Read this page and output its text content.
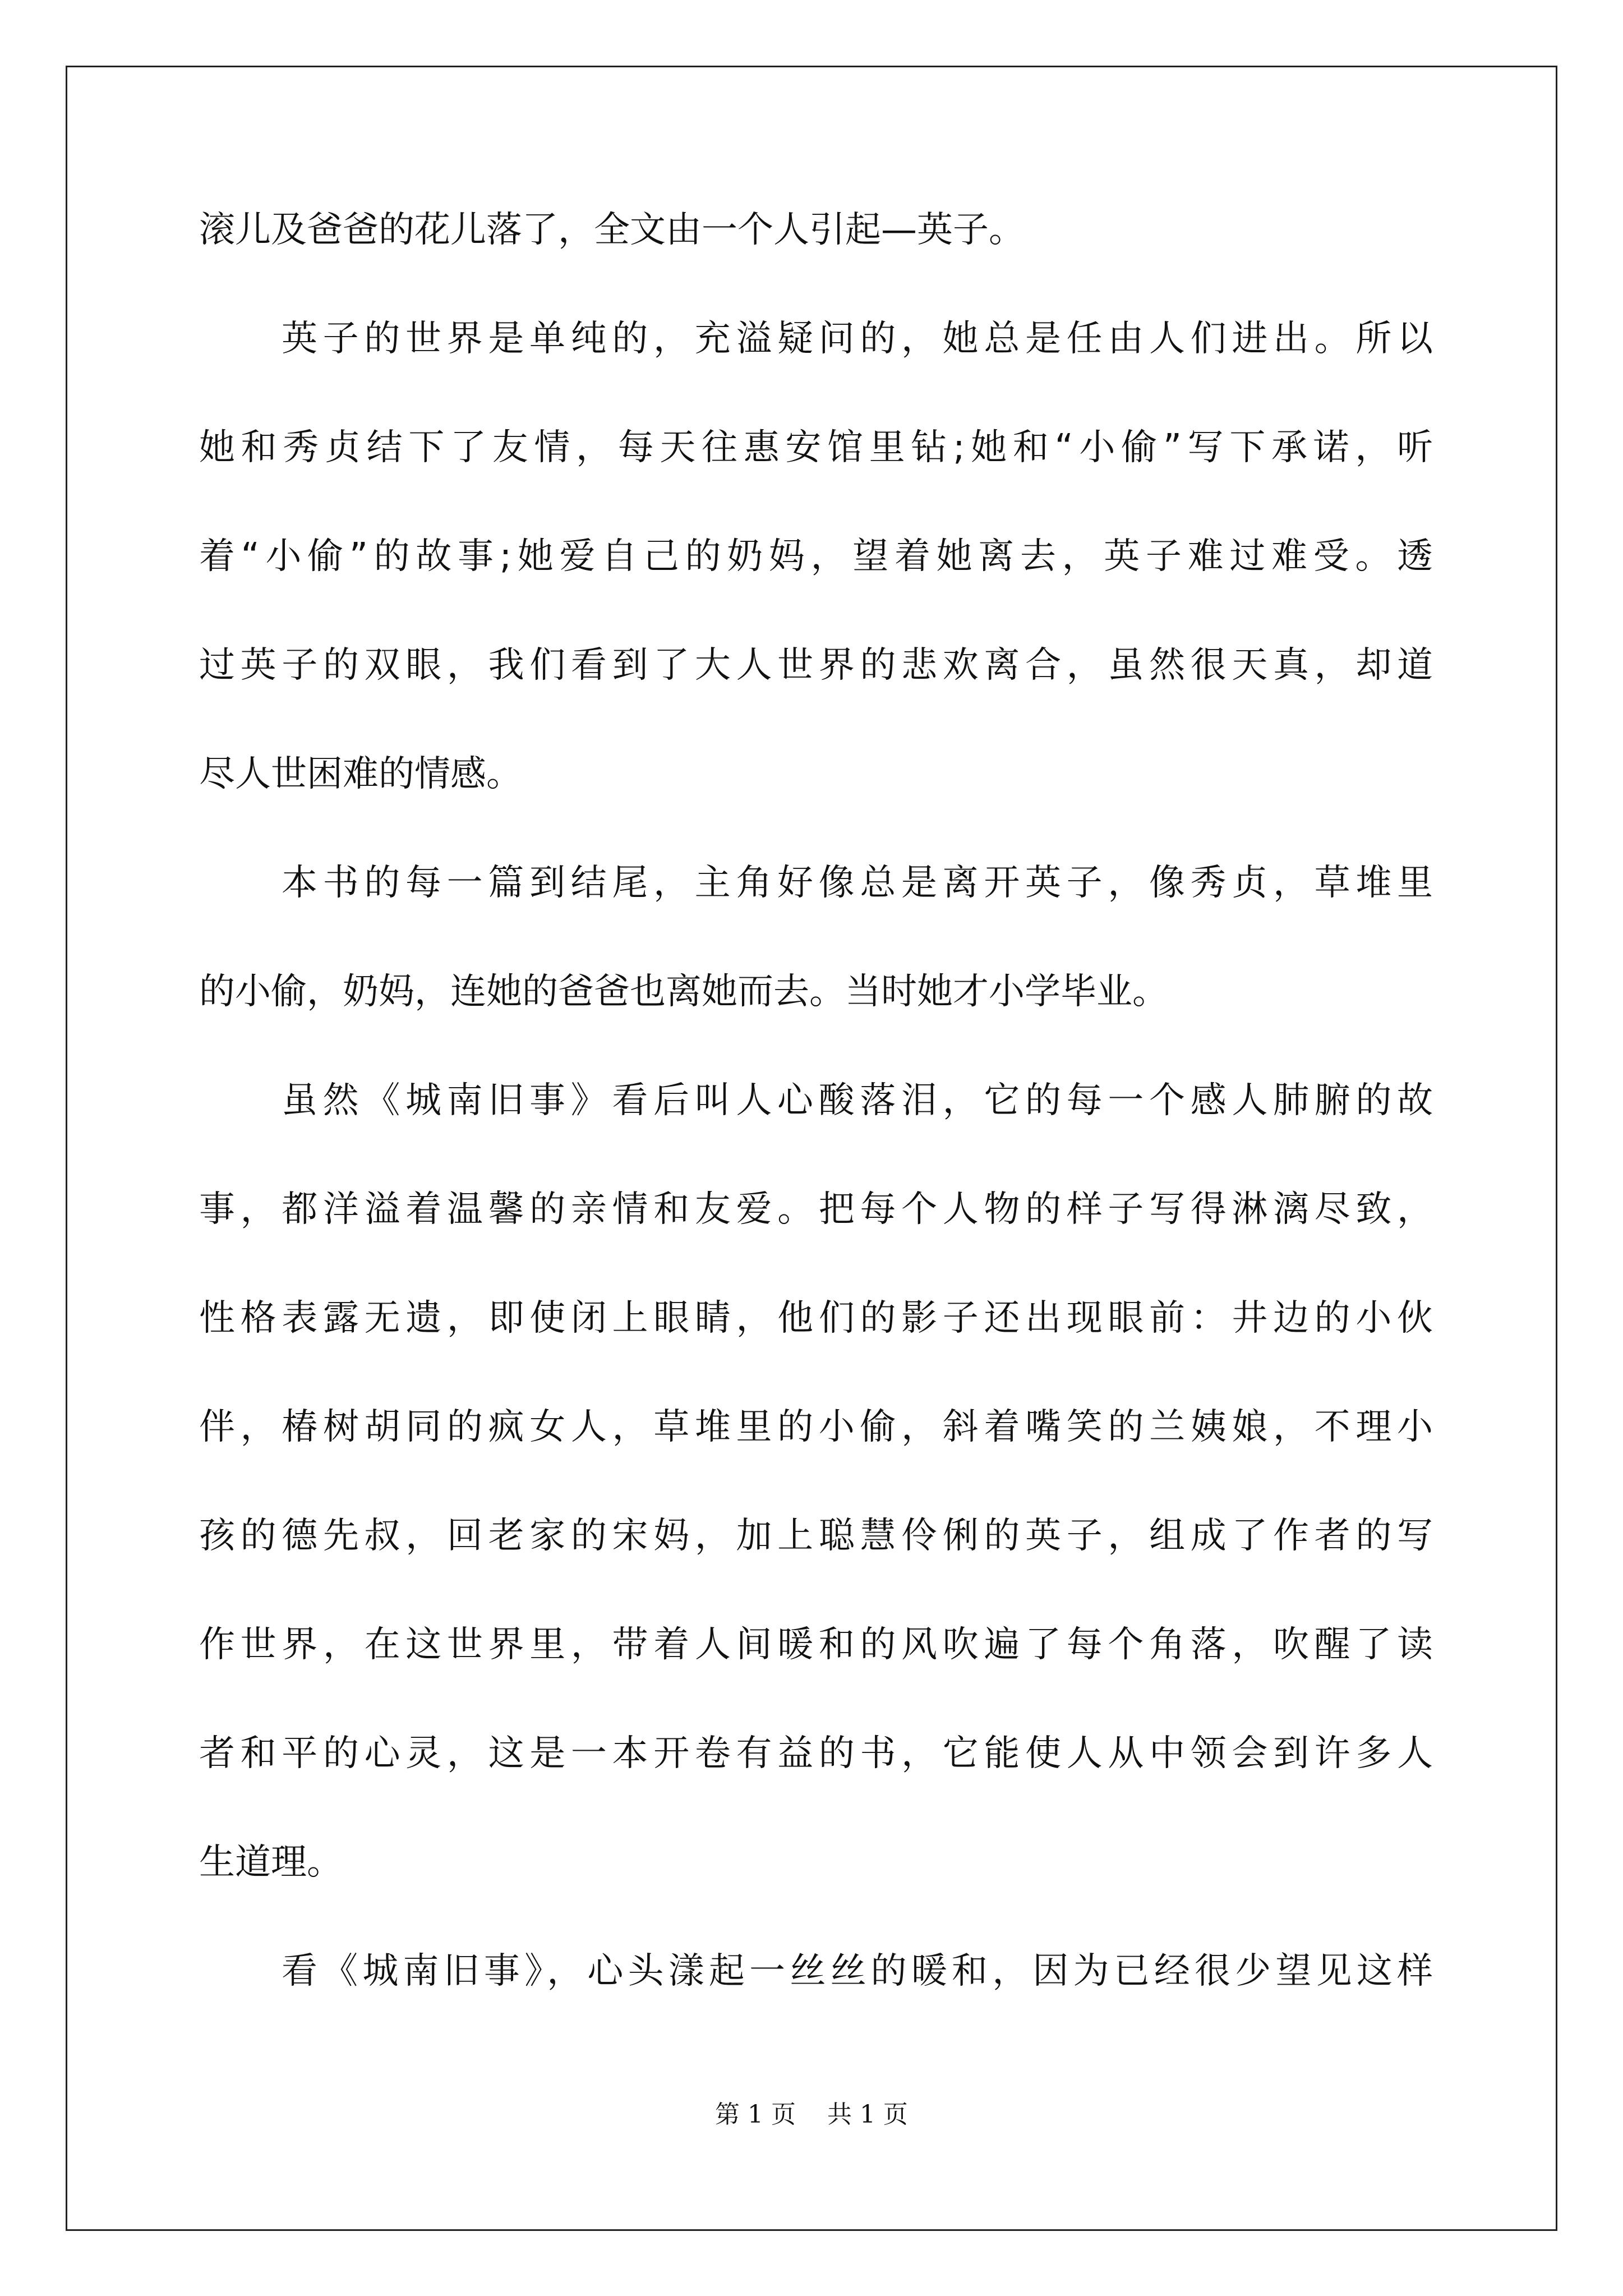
滚儿及爸爸的花儿落了，全文由一个人引起—英子。
英子的世界是单纯的，充溢疑问的，她总是任由人们进出。所以
她和秀贞结下了友情，每天往惠安馆里钻;她和“小偷”写下承诺，听
着“小偷”的故事;她爱自己的奶妈，望着她离去，英子难过难受。透
过英子的双眼，我们看到了大人世界的悲欢离合，虽然很天真，却道
尽人世困难的情感。
本书的每一篇到结尾，主角好像总是离开英子，像秀贞，草堆里
的小偷，奶妈，连她的爸爸也离她而去。当时她才小学毕业。
虽然《城南旧事》看后叫人心酸落泪，它的每一个感人肺腑的故
事，都洋溢着温馨的亲情和友爱。把每个人物的样子写得淋漓尽致，
性格表露无遗，即使闭上眼睛，他们的影子还出现眼前：井边的小伙
伴，椿树胡同的疯女人，草堆里的小偷，斜着嘴笑的兰姨娘，不理小
孩的德先叔，回老家的宋妈，加上聪慧伶俐的英子，组成了作者的写
作世界，在这世界里，带着人间暖和的风吹遍了每个角落，吹醒了读
者和平的心灵，这是一本开卷有益的书，它能使人从中领会到许多人
生道理。
看《城南旧事》，心头漾起一丝丝的暖和，因为已经很少望见这样
第 1 页    共 1 页
